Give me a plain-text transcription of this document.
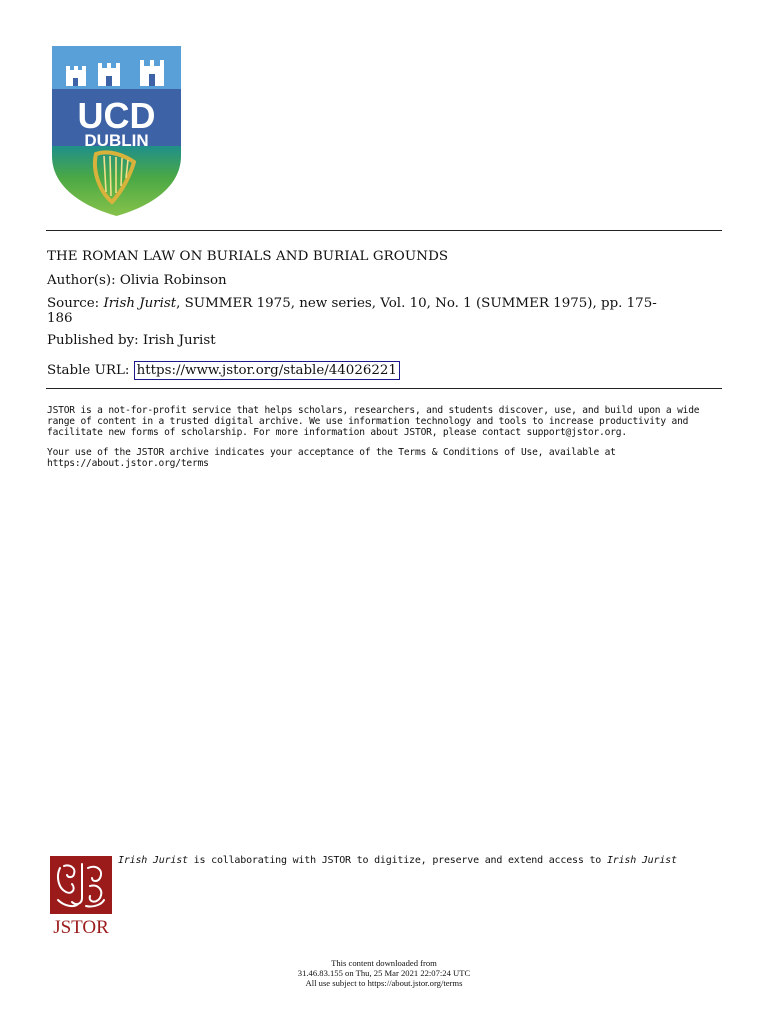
UCD
DUBLIN
THE ROMAN LAW ON BURIALS AND BURIAL GROUNDS
Author(s): Olivia Robinson
Source: Irish Jurist, SUMMER 1975, new series, Vol. 10, No. 1 (SUMMER 1975), pp. 175-
186
Published by: Irish Jurist
Stable URL: https://www.jstor.org/stable/44026221
JSTOR is a not-for-profit service that helps scholars, researchers, and students discover, use, and build upon a wide
range of content in a trusted digital archive. We use information technology and tools to increase productivity and
facilitate new forms of scholarship. For more information about JSTOR, please contact support@jstor.org.
Your use of the JSTOR archive indicates your acceptance of the Terms & Conditions of Use, available at
https://about.jstor.org/terms
JSTOR
Irish Jurist is collaborating with JSTOR to digitize, preserve and extend access to Irish Jurist
This content downloaded from
31.46.83.155 on Thu, 25 Mar 2021 22:07:24 UTC
All use subject to https://about.jstor.org/terms
